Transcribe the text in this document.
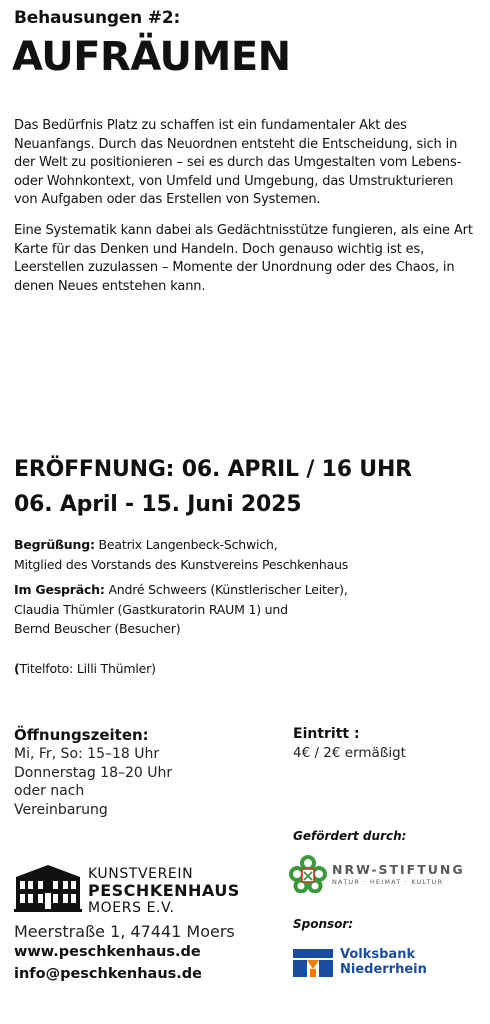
Behausungen #2:
AUFRÄUMEN

Das Bedürfnis Platz zu schaffen ist ein fundamentaler Akt des Neuanfangs. Durch das Neuordnen entsteht die Entscheidung, sich in der Welt zu positionieren – sei es durch das Umgestalten vom Lebens- oder Wohnkontext, von Umfeld und Umgebung, das Umstrukturieren von Aufgaben oder das Erstellen von Systemen.

Eine Systematik kann dabei als Gedächtnisstütze fungieren, als eine Art Karte für das Denken und Handeln. Doch genauso wichtig ist es, Leerstellen zuzulassen – Momente der Unordnung oder des Chaos, in denen Neues entstehen kann.

ERÖFFNUNG: 06. APRIL / 16 UHR
06. April - 15. Juni 2025
Begrüßung: Beatrix Langenbeck-Schwich,
Mitglied des Vorstands des Kunstvereins Peschkenhaus
Im Gespräch: André Schweers (Künstlerischer Leiter),
Claudia Thümler (Gastkuratorin RAUM 1) und
Bernd Beuscher (Besucher)
(Titelfoto: Lilli Thümler)
Öffnungszeiten:
Mi, Fr, So: 15–18 Uhr
Donnerstag 18–20 Uhr
oder nach
Vereinbarung
Eintritt :
4€ / 2€ ermäßigt
Gefördert durch:
NRW-STIFTUNG
NATUR · HEIMAT · KULTUR
Sponsor:
Volksbank
Niederrhein
KUNSTVEREIN
PESCHKENHAUS
MOERS E.V.
Meerstraße 1, 47441 Moers
www.peschkenhaus.de
info@peschkenhaus.de
